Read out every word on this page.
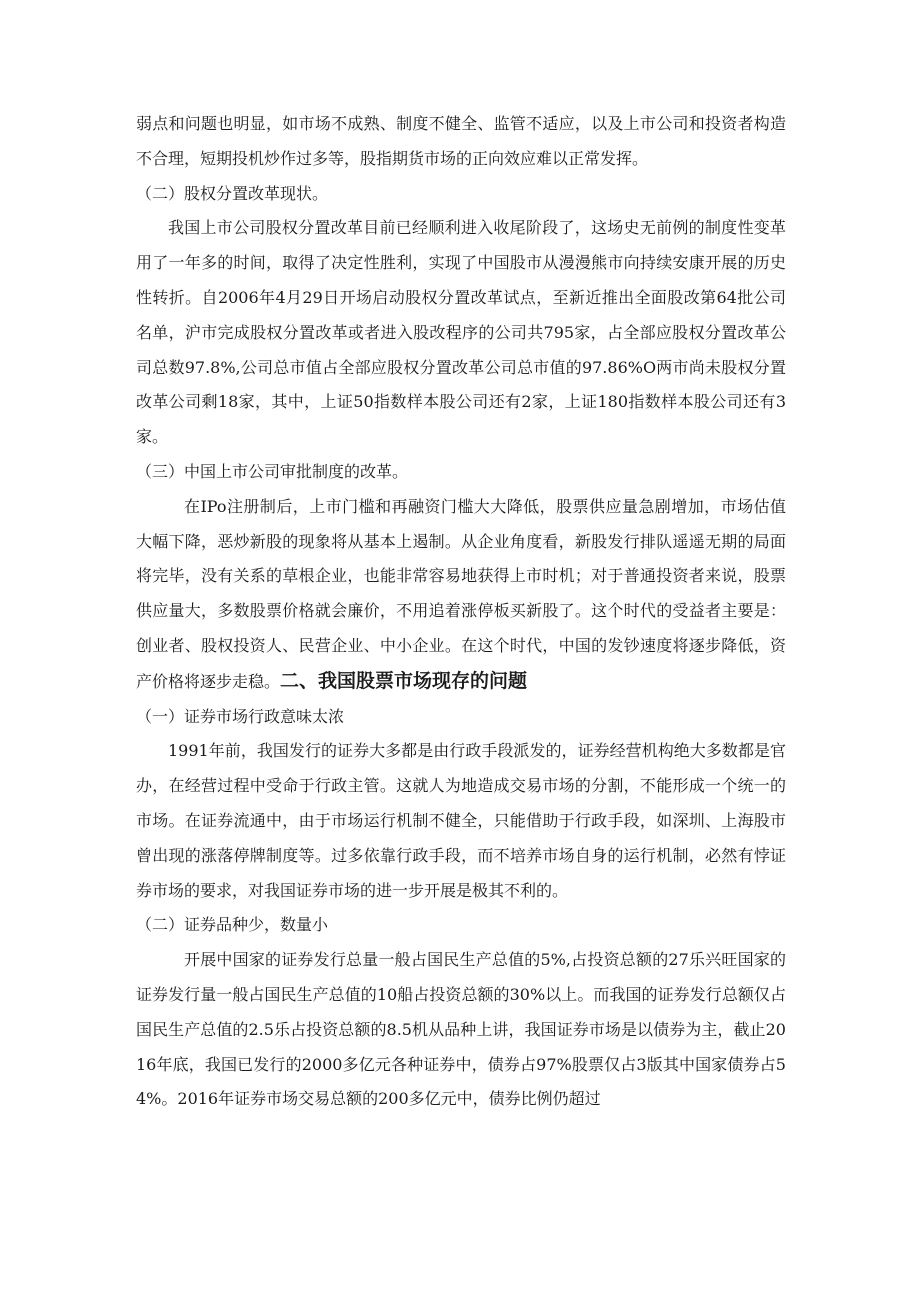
弱点和问题也明显，如市场不成熟、制度不健全、监管不适应，以及上市公司和投资者构造不合理，短期投机炒作过多等，股指期货市场的正向效应难以正常发挥。

（二）股权分置改革现状。

我国上市公司股权分置改革目前已经顺利进入收尾阶段了，这场史无前例的制度性变革用了一年多的时间，取得了决定性胜利，实现了中国股市从漫漫熊市向持续安康开展的历史性转折。自2006年4月29日开场启动股权分置改革试点，至新近推出全面股改第64批公司名单，沪市完成股权分置改革或者进入股改程序的公司共795家，占全部应股权分置改革公司总数97.8%,公司总市值占全部应股权分置改革公司总市值的97.86%O两市尚未股权分置改革公司剩18家，其中，上证50指数样本股公司还有2家，上证180指数样本股公司还有3家。

（三）中国上市公司审批制度的改革。

在IPo注册制后，上市门槛和再融资门槛大大降低，股票供应量急剧增加，市场估值大幅下降，恶炒新股的现象将从基本上遏制。从企业角度看，新股发行排队遥遥无期的局面将完毕，没有关系的草根企业，也能非常容易地获得上市时机；对于普通投资者来说，股票供应量大，多数股票价格就会廉价，不用追着涨停板买新股了。这个时代的受益者主要是：创业者、股权投资人、民营企业、中小企业。在这个时代，中国的发钞速度将逐步降低，资产价格将逐步走稳。二、我国股票市场现存的问题

（一）证券市场行政意味太浓

1991年前，我国发行的证券大多都是由行政手段派发的，证券经营机构绝大多数都是官办，在经营过程中受命于行政主管。这就人为地造成交易市场的分割，不能形成一个统一的市场。在证券流通中，由于市场运行机制不健全，只能借助于行政手段，如深圳、上海股市曾出现的涨落停牌制度等。过多依靠行政手段，而不培养市场自身的运行机制，必然有悖证券市场的要求，对我国证券市场的进一步开展是极其不利的。

（二）证券品种少，数量小

开展中国家的证券发行总量一般占国民生产总值的5%,占投资总额的27乐兴旺国家的证券发行量一般占国民生产总值的10船占投资总额的30%以上。而我国的证券发行总额仅占国民生产总值的2.5乐占投资总额的8.5机从品种上讲，我国证券市场是以债券为主，截止2016年底，我国已发行的2000多亿元各种证券中，债券占97%股票仅占3版其中国家债券占54%。2016年证券市场交易总额的200多亿元中，债券比例仍超过
